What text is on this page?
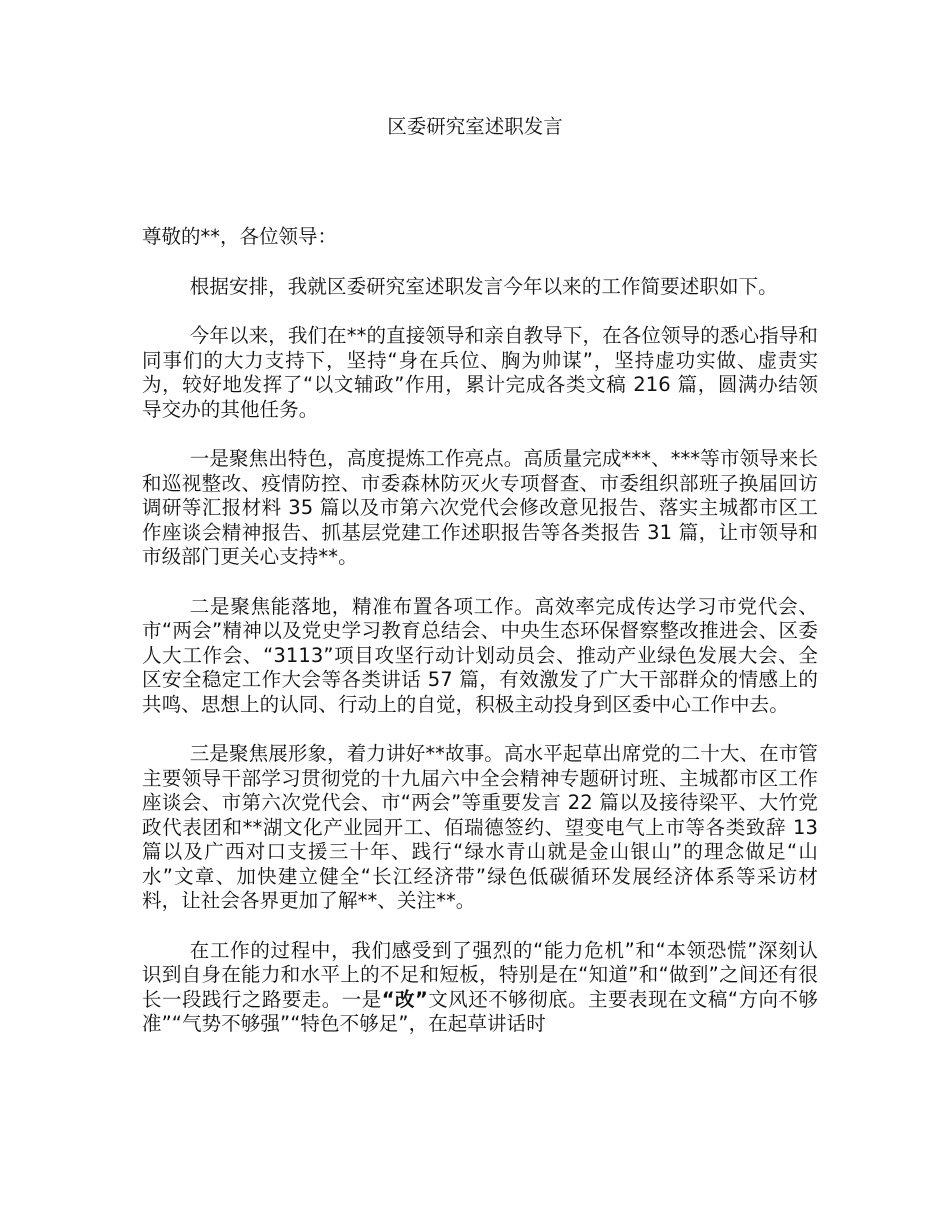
区委研究室述职发言

尊敬的**，各位领导：

根据安排，我就区委研究室述职发言今年以来的工作简要述职如下。

今年以来，我们在**的直接领导和亲自教导下，在各位领导的悉心指导和同事们的大力支持下，坚持“身在兵位、胸为帅谋”，坚持虚功实做、虚责实为，较好地发挥了“以文辅政”作用，累计完成各类文稿 216 篇，圆满办结领导交办的其他任务。

一是聚焦出特色，高度提炼工作亮点。高质量完成***、***等市领导来长和巡视整改、疫情防控、市委森林防灭火专项督查、市委组织部班子换届回访调研等汇报材料 35 篇以及市第六次党代会修改意见报告、落实主城都市区工作座谈会精神报告、抓基层党建工作述职报告等各类报告 31 篇，让市领导和市级部门更关心支持**。

二是聚焦能落地，精准布置各项工作。高效率完成传达学习市党代会、市“两会”精神以及党史学习教育总结会、中央生态环保督察整改推进会、区委人大工作会、“3113”项目攻坚行动计划动员会、推动产业绿色发展大会、全区安全稳定工作大会等各类讲话 57 篇，有效激发了广大干部群众的情感上的共鸣、思想上的认同、行动上的自觉，积极主动投身到区委中心工作中去。

三是聚焦展形象，着力讲好**故事。高水平起草出席党的二十大、在市管主要领导干部学习贯彻党的十九届六中全会精神专题研讨班、主城都市区工作座谈会、市第六次党代会、市“两会”等重要发言 22 篇以及接待梁平、大竹党政代表团和**湖文化产业园开工、佰瑞德签约、望变电气上市等各类致辞 13 篇以及广西对口支援三十年、践行“绿水青山就是金山银山”的理念做足“山水”文章、加快建立健全“长江经济带”绿色低碳循环发展经济体系等采访材料，让社会各界更加了解**、关注**。

在工作的过程中，我们感受到了强烈的“能力危机”和“本领恐慌”深刻认识到自身在能力和水平上的不足和短板，特别是在“知道”和“做到”之间还有很长一段践行之路要走。一是“改”文风还不够彻底。主要表现在文稿“方向不够准”“气势不够强”“特色不够足”，在起草讲话时
